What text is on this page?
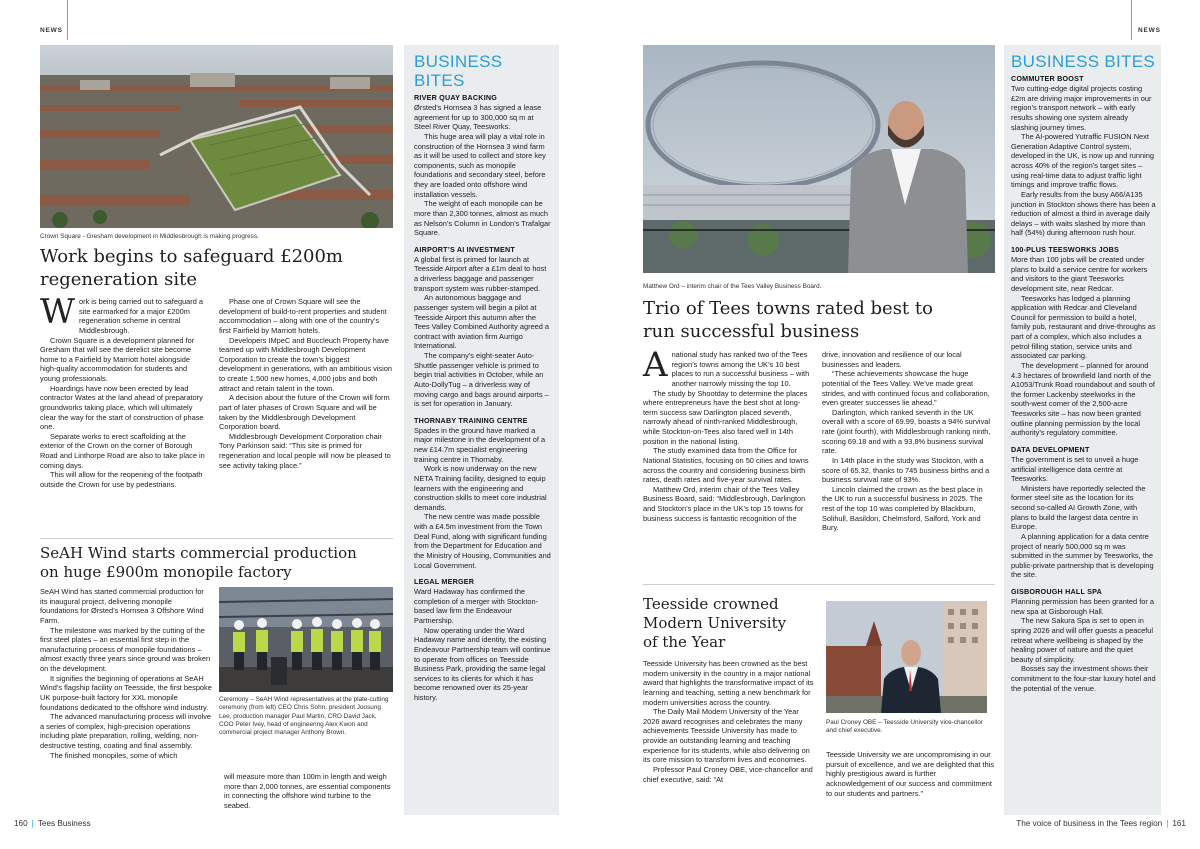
NEWS	NEWS
Crown Square - Gresham development in Middlesbrough is making progress.
Work begins to safeguard £200m regeneration site
W ork is being carried out to safeguard a site earmarked for a major £200m regeneration scheme in central Middlesbrough.

Crown Square is a development planned for Gresham that will see the derelict site become home to a Fairfield by Marriott hotel alongside high-quality accommodation for students and young professionals.

Hoardings have now been erected by lead contractor Wates at the land ahead of preparatory groundworks taking place, which will ultimately clear the way for the start of construction of phase one.

Separate works to erect scaffolding at the exterior of the Crown on the corner of Borough Road and Linthorpe Road are also to take place in coming days.

This will allow for the reopening of the footpath outside the Crown for use by pedestrians.

Phase one of Crown Square will see the development of build-to-rent properties and student accommodation – along with one of the country’s first Fairfield by Marriott hotels.

Developers IMpeC and Buccleuch Property have teamed up with Middlesbrough Development Corporation to create the town’s biggest development in generations, with an ambitious vision to create 1,500 new homes, 4,000 jobs and both attract and retain talent in the town.

A decision about the future of the Crown will form part of later phases of Crown Square and will be taken by the Middlesbrough Development Corporation board.

Middlesbrough Development Corporation chair Tony Parkinson said: “This site is primed for regeneration and local people will now be pleased to see activity taking place.”

SeAH Wind starts commercial production on huge £900m monopile factory

SeAH Wind has started commercial production for its inaugural project, delivering monopile foundations for Ørsted’s Hornsea 3 Offshore Wind Farm.

The milestone was marked by the cutting of the first steel plates – an essential first step in the manufacturing process of monopile foundations – almost exactly three years since ground was broken on the development.

It signifies the beginning of operations at SeAH Wind’s flagship facility on Teesside, the first bespoke UK purpose-built factory for XXL monopile foundations dedicated to the offshore wind industry.

The advanced manufacturing process will involve a series of complex, high-precision operations including plate preparation, rolling, welding, non-destructive testing, coating and final assembly.

The finished monopiles, some of which

Ceremony – SeAH Wind representatives at the plate-cutting ceremony (from left) CEO Chris Sohn, president Joosung Lee, production manager Paul Martin, CRO David Jack, COO Peter Ivey, head of engineering Alex Kwon and commercial project manager Anthony Brown.

will measure more than 100m in length and weigh more than 2,000 tonnes, are essential components in connecting the offshore wind turbine to the seabed.

BUSINESS
BITES
RIVER QUAY BACKING

Ørsted’s Hornsea 3 has signed a lease agreement for up to 300,000 sq m at Steel River Quay, Teesworks.

This huge area will play a vital role in construction of the Hornsea 3 wind farm as it will be used to collect and store key components, such as monopile foundations and secondary steel, before they are loaded onto offshore wind installation vessels.

The weight of each monopile can be more than 2,300 tonnes, almost as much as Nelson’s Column in London’s Trafalgar Square.

AIRPORT’S AI INVESTMENT

A global first is primed for launch at Teesside Airport after a £1m deal to host a driverless baggage and passenger transport system was rubber-stamped.

An autonomous baggage and passenger system will begin a pilot at Teesside Airport this autumn after the Tees Valley Combined Authority agreed a contract with aviation firm Aurrigo International.

The company’s eight-seater Auto-Shuttle passenger vehicle is primed to begin trial activities in October, while an Auto-DollyTug – a driverless way of moving cargo and bags around airports – is set for operation in January.

THORNABY TRAINING CENTRE

Spades in the ground have marked a major milestone in the development of a new £14.7m specialist engineering training centre in Thornaby.

Work is now underway on the new NETA Training facility, designed to equip learners with the engineering and construction skills to meet core industrial demands.

The new centre was made possible with a £4.5m investment from the Town Deal Fund, along with significant funding from the Department for Education and the Ministry of Housing, Communities and Local Government.

LEGAL MERGER

Ward Hadaway has confirmed the completion of a merger with Stockton-based law firm the Endeavour Partnership.

Now operating under the Ward Hadaway name and identity, the existing Endeavour Partnership team will continue to operate from offices on Teesside Business Park, providing the same legal services to its clients for which it has become renowned over its 25-year history.

Matthew Ord – interim chair of the Tees Valley Business Board.
Trio of Tees towns rated best to run successful business
A national study has ranked two of the Tees region’s towns among the UK’s 10 best places to run a successful business – with another narrowly missing the top 10.

The study by Shootday to determine the places where entrepreneurs have the best shot at long-term success saw Darlington placed seventh, narrowly ahead of ninth-ranked Middlesbrough, while Stockton-on-Tees also fared well in 14th position in the national listing.

The study examined data from the Office for National Statistics, focusing on 50 cities and towns across the country and considering business birth rates, death rates and five-year survival rates.

Matthew Ord, interim chair of the Tees Valley Business Board, said: “Middlesbrough, Darlington and Stockton’s place in the UK’s top 15 towns for business success is fantastic recognition of the

drive, innovation and resilience of our local businesses and leaders.

“These achievements showcase the huge potential of the Tees Valley. We’ve made great strides, and with continued focus and collaboration, even greater successes lie ahead.”

Darlington, which ranked seventh in the UK overall with a score of 69.99, boasts a 94% survival rate (joint fourth), with Middlesbrough ranking ninth, scoring 69.18 and with a 93.8% business survival rate.

In 14th place in the study was Stockton, with a score of 65.32, thanks to 745 business births and a business survival rate of 93%.

Lincoln claimed the crown as the best place in the UK to run a successful business in 2025. The rest of the top 10 was completed by Blackburn, Solihull, Basildon, Chelmsford, Salford, York and Bury.

Teesside crowned Modern University of the Year

Teesside University has been crowned as the best modern university in the country in a major national award that highlights the transformative impact of its learning and teaching, setting a new benchmark for modern universities across the country.

The Daily Mail Modern University of the Year 2026 award recognises and celebrates the many achievements Teesside University has made to provide an outstanding learning and teaching experience for its students, while also delivering on its core mission to transform lives and economies.

Professor Paul Croney OBE, vice-chancellor and chief executive, said: “At

Paul Croney OBE – Teesside University vice-chancellor and chief executive.

Teesside University we are uncompromising in our pursuit of excellence, and we are delighted that this highly prestigious award is further acknowledgement of our success and commitment to our students and partners.”

BUSINESS BITES
COMMUTER BOOST

Two cutting-edge digital projects costing £2m are driving major improvements in our region’s transport network – with early results showing one system already slashing journey times.

The AI-powered Yutraffic FUSION Next Generation Adaptive Control system, developed in the UK, is now up and running across 40% of the region’s target sites – using real-time data to adjust traffic light timings and improve traffic flows.

Early results from the busy A66/A135 junction in Stockton shows there has been a reduction of almost a third in average daily delays – with waits slashed by more than half (54%) during afternoon rush hour.

100-PLUS TEESWORKS JOBS

More than 100 jobs will be created under plans to build a service centre for workers and visitors to the giant Teesworks development site, near Redcar.

Teesworks has lodged a planning application with Redcar and Cleveland Council for permission to build a hotel, family pub, restaurant and drive-throughs as part of a complex, which also includes a petrol filling station, service units and associated car parking.

The development – planned for around 4.3 hectares of brownfield land north of the A1053/Trunk Road roundabout and south of the former Lackenby steelworks in the south-west corner of the 2,500-acre Teesworks site – has now been granted outline planning permission by the local authority’s regulatory committee.

DATA DEVELOPMENT

The government is set to unveil a huge artificial intelligence data centre at Teesworks.

Ministers have reportedly selected the former steel site as the location for its second so-called AI Growth Zone, with plans to build the largest data centre in Europe.

A planning application for a data centre project of nearly 500,000 sq m was submitted in the summer by Teesworks, the public-private partnership that is developing the site.

GISBOROUGH HALL SPA

Planning permission has been granted for a new spa at Gisborough Hall.

The new Sakura Spa is set to open in spring 2026 and will offer guests a peaceful retreat where wellbeing is shaped by the healing power of nature and the quiet beauty of simplicity.

Bosses say the investment shows their commitment to the four-star luxury hotel and the potential of the venue.

160 | Tees Business	The voice of business in the Tees region | 161
